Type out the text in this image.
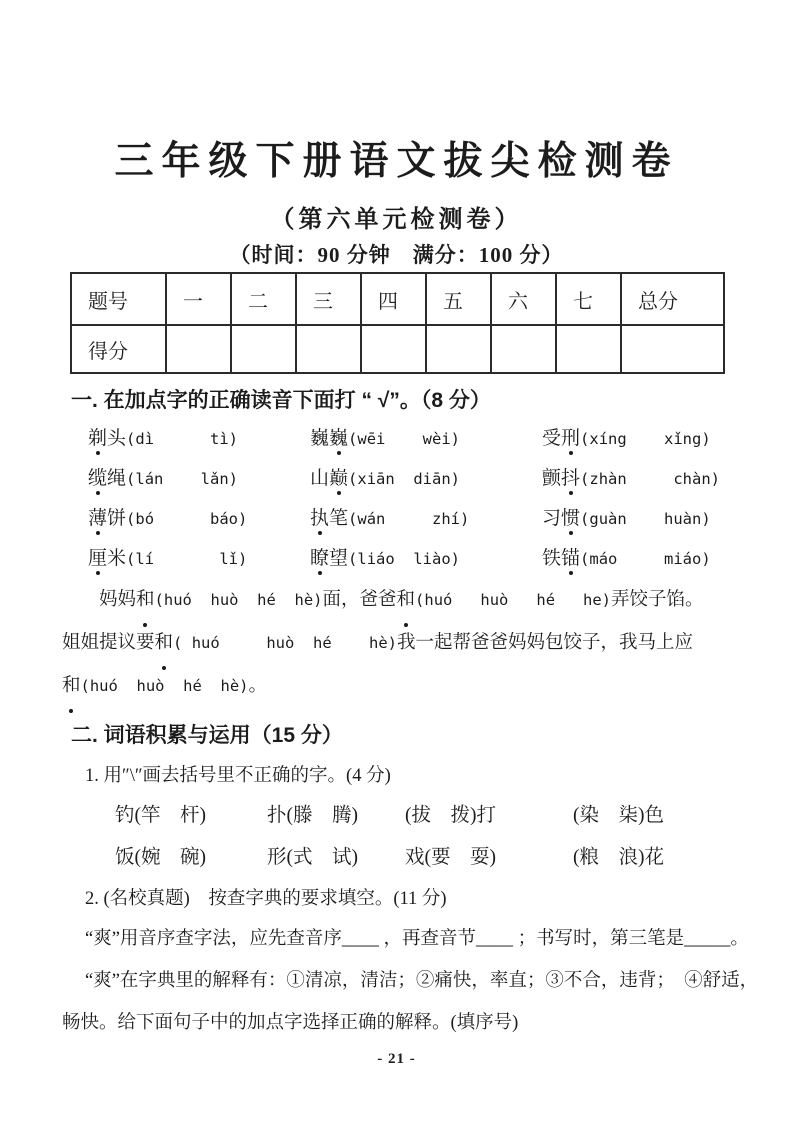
三年级下册语文拔尖检测卷
（第六单元检测卷）
（时间：90 分钟　满分：100 分）
题号	一	二	三	四	五	六	七	总分
得分								
一. 在加点字的正确读音下面打 “ √”。（8 分）
剃头(dì      tì)	巍巍(wēi    wèi)	受刑(xíng    xǐng)
缆绳(lán    lǎn)	山巅(xiān  diān)	颤抖(zhàn     chàn)
薄饼(bó      báo)	执笔(wán     zhí)	习惯(guàn    huàn)
厘米(lí       lǐ)	瞭望(liáo  liào)	铁锚(máo     miáo)
　　妈妈和(huó  huò  hé  hè)面，爸爸和(huó   huò   hé   he)弄饺子馅。
姐姐提议要和( huó     huò  hé    hè)我一起帮爸爸妈妈包饺子，我马上应
和(huó  huò  hé  hè)。
二. 词语积累与运用（15 分）
1. 用″\″画去括号里不正确的字。(4 分)
钓(竿　杆)	扑(滕　腾)	(拔　拨)打	(染　柒)色
饭(婉　碗)	形(式　试)	戏(要　耍)	(粮　浪)花
2. (名校真题)　按查字典的要求填空。(11 分)
“爽”用音序查字法，应先查音序____ ，再查音节____ ；书写时，第三笔是_____。
“爽”在字典里的解释有：①清凉，清洁；②痛快，率直；③不合，违背；　④舒适，
畅快。给下面句子中的加点字选择正确的解释。(填序号)
- 21 -
